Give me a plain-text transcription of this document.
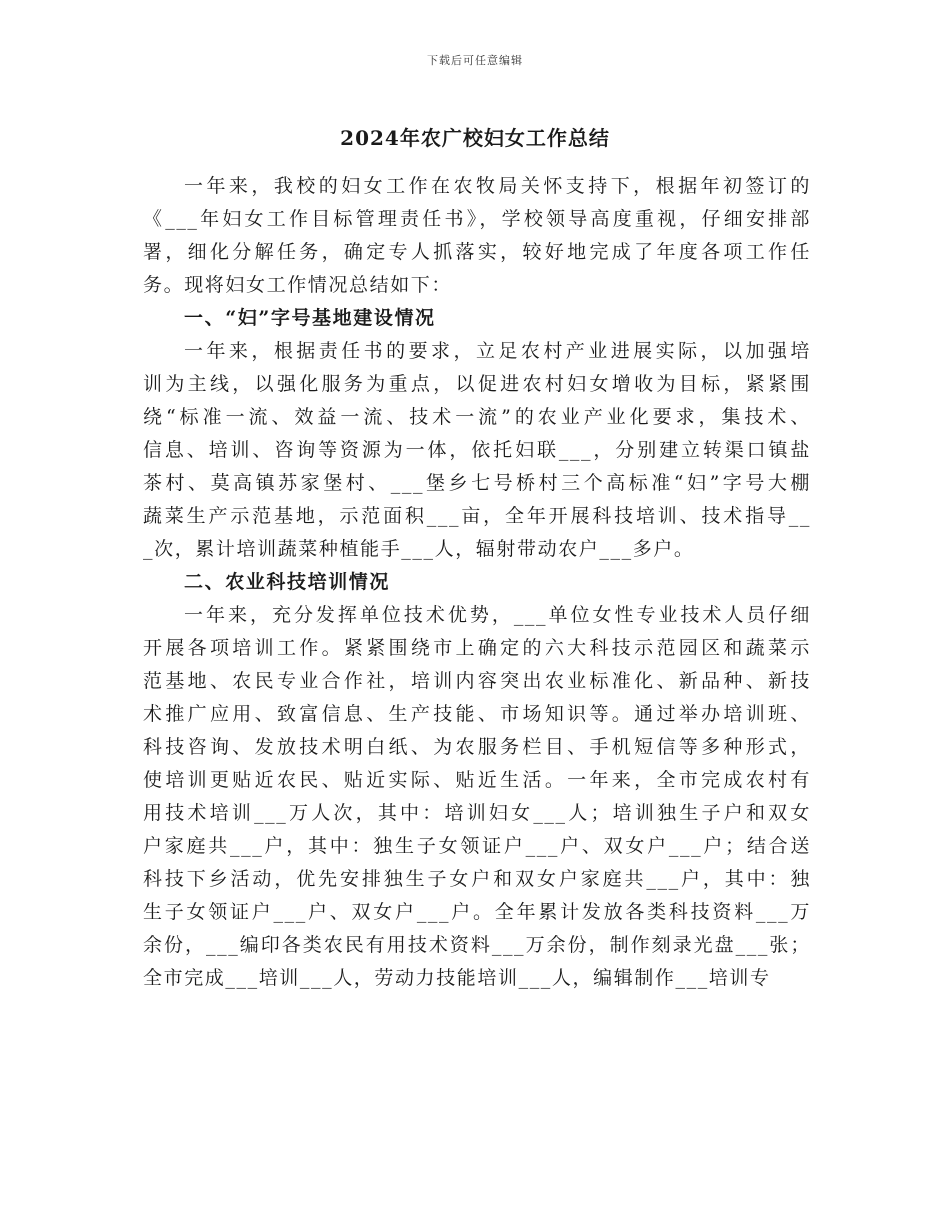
下载后可任意编辑
2024年农广校妇女工作总结
一年来，我校的妇女工作在农牧局关怀支持下，根据年初签订的
《___年妇女工作目标管理责任书》，学校领导高度重视，仔细安排部
署，细化分解任务，确定专人抓落实，较好地完成了年度各项工作任
务。现将妇女工作情况总结如下：
一、“妇”字号基地建设情况
一年来，根据责任书的要求，立足农村产业进展实际，以加强培
训为主线，以强化服务为重点，以促进农村妇女增收为目标，紧紧围
绕“标准一流、效益一流、技术一流”的农业产业化要求，集技术、
信息、培训、咨询等资源为一体，依托妇联___，分别建立转渠口镇盐
茶村、莫高镇苏家堡村、___堡乡七号桥村三个高标准“妇”字号大棚
蔬菜生产示范基地，示范面积___亩，全年开展科技培训、技术指导__
_次，累计培训蔬菜种植能手___人，辐射带动农户___多户。
二、农业科技培训情况
一年来，充分发挥单位技术优势，___单位女性专业技术人员仔细
开展各项培训工作。紧紧围绕市上确定的六大科技示范园区和蔬菜示
范基地、农民专业合作社，培训内容突出农业标准化、新品种、新技
术推广应用、致富信息、生产技能、市场知识等。通过举办培训班、
科技咨询、发放技术明白纸、为农服务栏目、手机短信等多种形式，
使培训更贴近农民、贴近实际、贴近生活。一年来，全市完成农村有
用技术培训___万人次，其中：培训妇女___人；培训独生子户和双女
户家庭共___户，其中：独生子女领证户___户、双女户___户；结合送
科技下乡活动，优先安排独生子女户和双女户家庭共___户，其中：独
生子女领证户___户、双女户___户。全年累计发放各类科技资料___万
余份，___编印各类农民有用技术资料___万余份，制作刻录光盘___张；
全市完成___培训___人，劳动力技能培训___人，编辑制作___培训专
